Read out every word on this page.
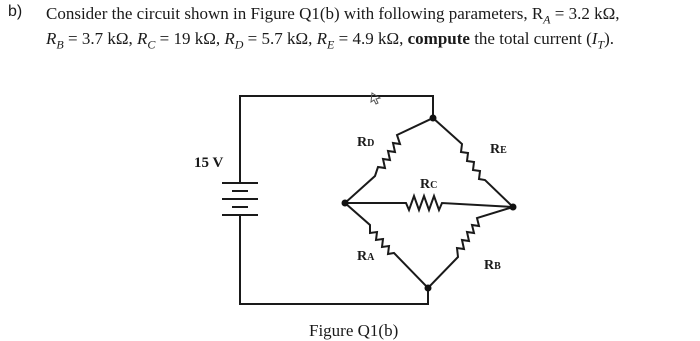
b) Consider the circuit shown in Figure Q1(b) with following parameters, $R_A = 3.2$ kΩ,
$R_B = 3.7$ kΩ, $R_C = 19$ kΩ, $R_D = 5.7$ kΩ, $R_E = 4.9$ kΩ, compute the total current $(I_T)$.
15 V
RD	RE
RC
RA
RB
Figure Q1(b)
